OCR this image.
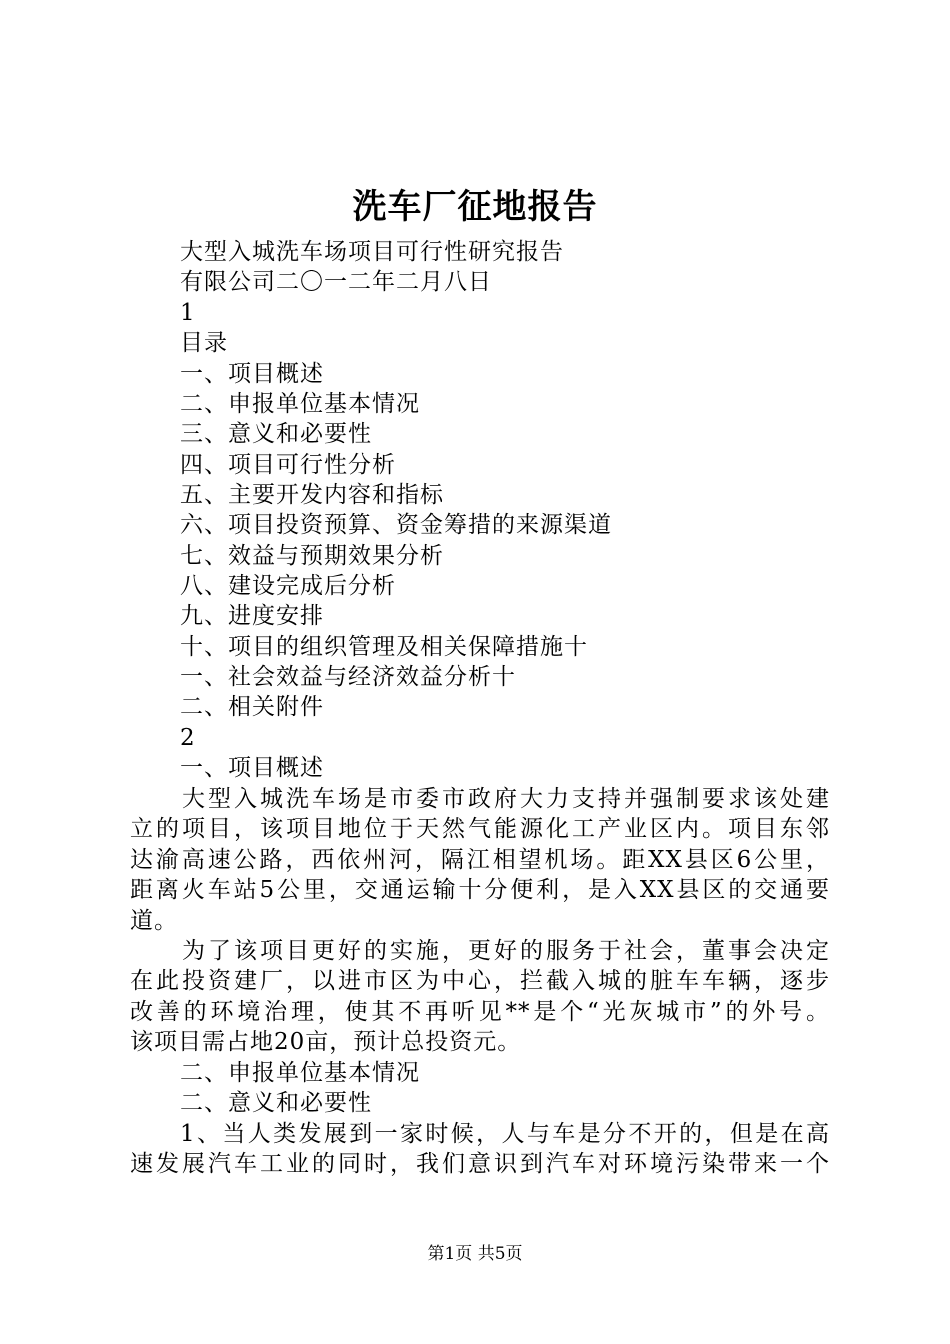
洗车厂征地报告
大型入城洗车场项目可行性研究报告
有限公司二〇一二年二月八日
1
目录
一、项目概述
二、申报单位基本情况
三、意义和必要性
四、项目可行性分析
五、主要开发内容和指标
六、项目投资预算、资金筹措的来源渠道
七、效益与预期效果分析
八、建设完成后分析
九、进度安排
十、项目的组织管理及相关保障措施十
一、社会效益与经济效益分析十
二、相关附件
2
一、项目概述
大型入城洗车场是市委市政府大力支持并强制要求该处建
立的项目，该项目地位于天然气能源化工产业区内。项目东邻
达渝高速公路，西依州河，隔江相望机场。距XX县区6公里，
距离火车站5公里，交通运输十分便利，是入XX县区的交通要
道。
为了该项目更好的实施，更好的服务于社会，董事会决定
在此投资建厂，以进市区为中心，拦截入城的脏车车辆，逐步
改善的环境治理，使其不再听见**是个“光灰城市”的外号。
该项目需占地20亩，预计总投资元。
二、申报单位基本情况
二、意义和必要性
1、当人类发展到一家时候，人与车是分不开的，但是在高
速发展汽车工业的同时，我们意识到汽车对环境污染带来一个
第1页 共5页
